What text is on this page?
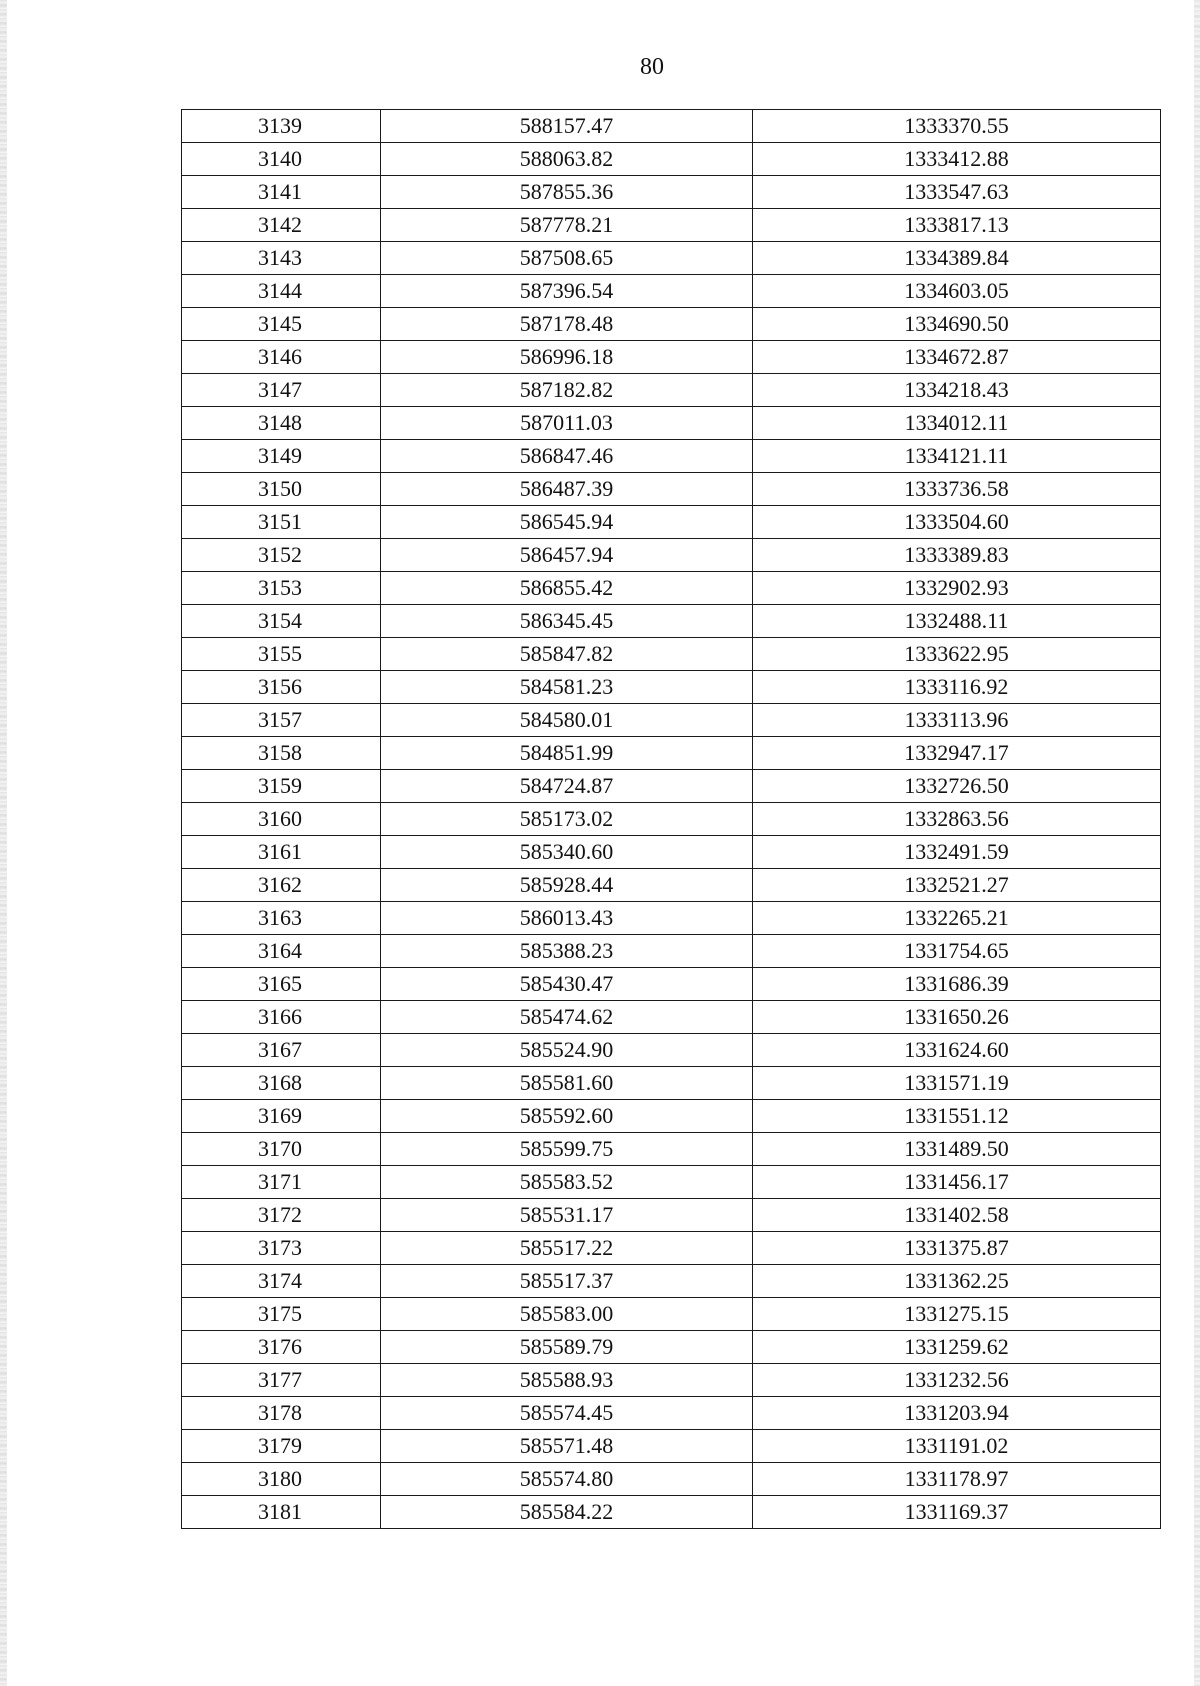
80
3139	588157.47	1333370.55
3140	588063.82	1333412.88
3141	587855.36	1333547.63
3142	587778.21	1333817.13
3143	587508.65	1334389.84
3144	587396.54	1334603.05
3145	587178.48	1334690.50
3146	586996.18	1334672.87
3147	587182.82	1334218.43
3148	587011.03	1334012.11
3149	586847.46	1334121.11
3150	586487.39	1333736.58
3151	586545.94	1333504.60
3152	586457.94	1333389.83
3153	586855.42	1332902.93
3154	586345.45	1332488.11
3155	585847.82	1333622.95
3156	584581.23	1333116.92
3157	584580.01	1333113.96
3158	584851.99	1332947.17
3159	584724.87	1332726.50
3160	585173.02	1332863.56
3161	585340.60	1332491.59
3162	585928.44	1332521.27
3163	586013.43	1332265.21
3164	585388.23	1331754.65
3165	585430.47	1331686.39
3166	585474.62	1331650.26
3167	585524.90	1331624.60
3168	585581.60	1331571.19
3169	585592.60	1331551.12
3170	585599.75	1331489.50
3171	585583.52	1331456.17
3172	585531.17	1331402.58
3173	585517.22	1331375.87
3174	585517.37	1331362.25
3175	585583.00	1331275.15
3176	585589.79	1331259.62
3177	585588.93	1331232.56
3178	585574.45	1331203.94
3179	585571.48	1331191.02
3180	585574.80	1331178.97
3181	585584.22	1331169.37
